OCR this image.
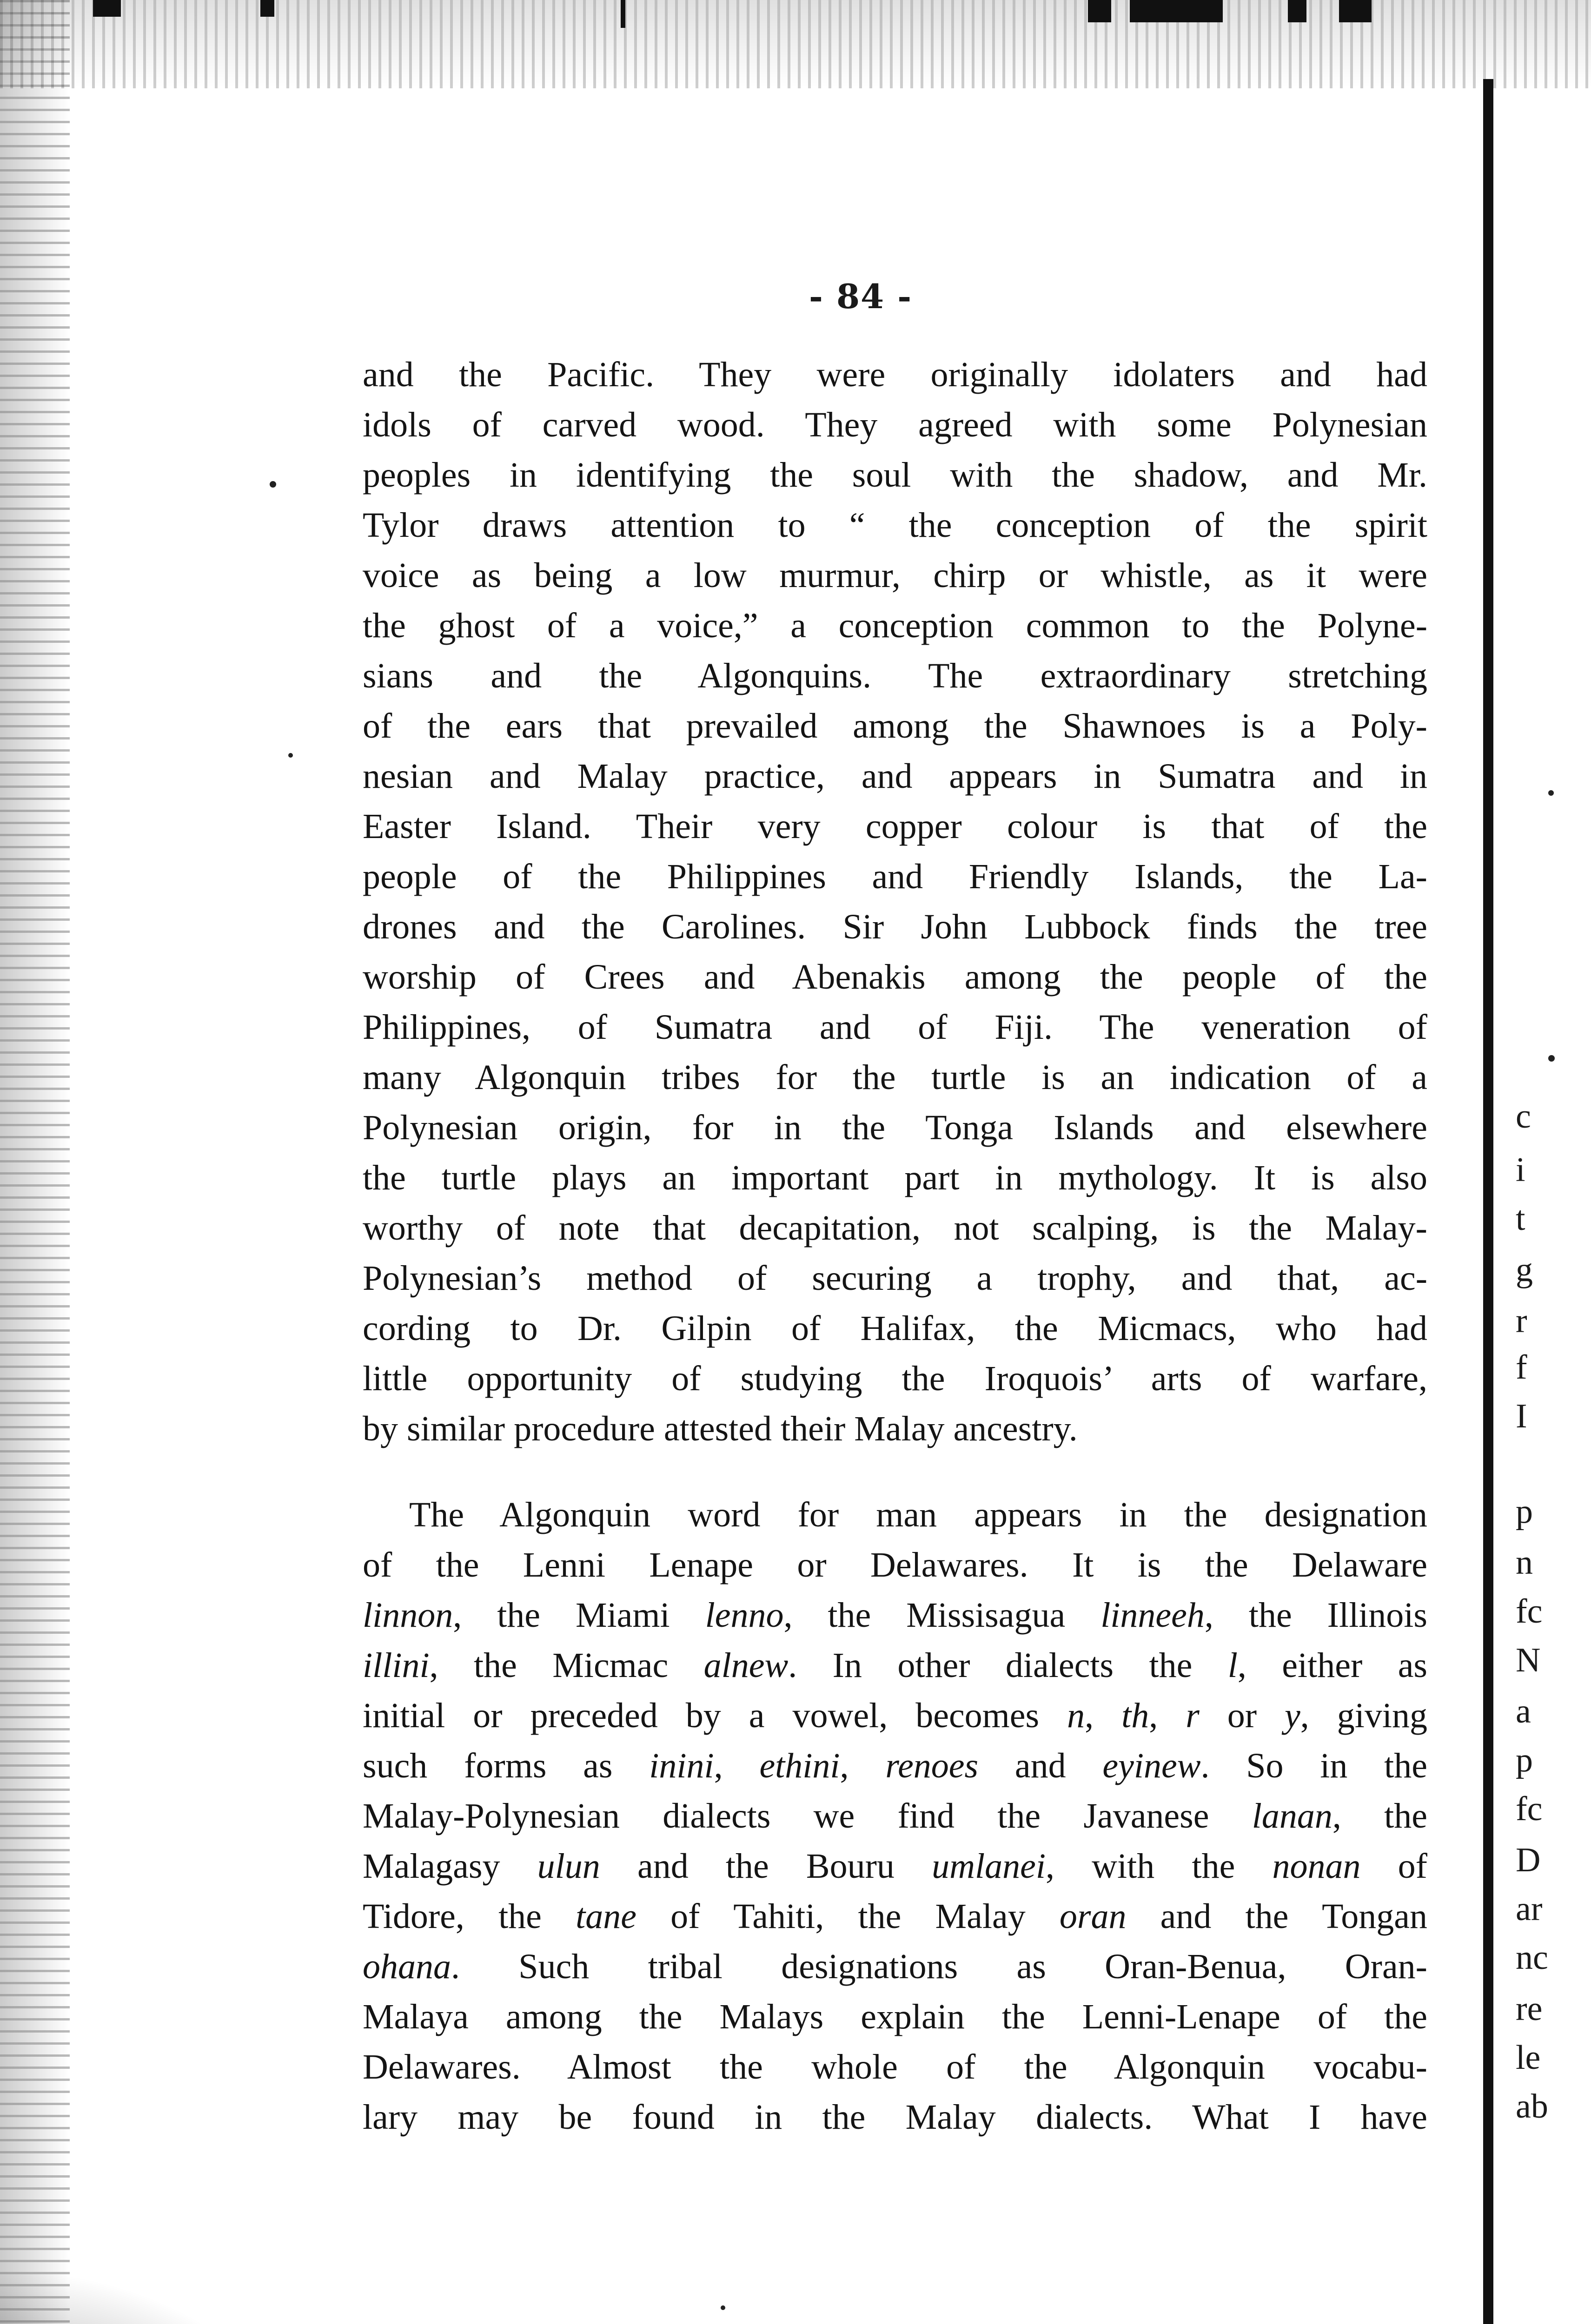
- 84 -
and the Pacific. They were originally idolaters and had
idols of carved wood. They agreed with some Polynesian
peoples in identifying the soul with the shadow, and Mr.
Tylor draws attention to “ the conception of the spirit
voice as being a low murmur, chirp or whistle, as it were
the ghost of a voice,” a conception common to the Polyne-
sians and the Algonquins. The extraordinary stretching
of the ears that prevailed among the Shawnoes is a Poly-
nesian and Malay practice, and appears in Sumatra and in
Easter Island. Their very copper colour is that of the
people of the Philippines and Friendly Islands, the La-
drones and the Carolines. Sir John Lubbock finds the tree
worship of Crees and Abenakis among the people of the
Philippines, of Sumatra and of Fiji. The veneration of
many Algonquin tribes for the turtle is an indication of a
Polynesian origin, for in the Tonga Islands and elsewhere
the turtle plays an important part in mythology. It is also
worthy of note that decapitation, not scalping, is the Malay-
Polynesian’s method of securing a trophy, and that, ac-
cording to Dr. Gilpin of Halifax, the Micmacs, who had
little opportunity of studying the Iroquois’ arts of warfare,
by similar procedure attested their Malay ancestry.
The Algonquin word for man appears in the designation
of the Lenni Lenape or Delawares. It is the Delaware
linnon, the Miami lenno, the Missisagua linneeh, the Illinois
illini, the Micmac alnew. In other dialects the l, either as
initial or preceded by a vowel, becomes n, th, r or y, giving
such forms as inini, ethini, renoes and eyinew. So in the
Malay-Polynesian dialects we find the Javanese lanan, the
Malagasy ulun and the Bouru umlanei, with the nonan of
Tidore, the tane of Tahiti, the Malay oran and the Tongan
ohana. Such tribal designations as Oran-Benua, Oran-
Malaya among the Malays explain the Lenni-Lenape of the
Delawares. Almost the whole of the Algonquin vocabu-
lary may be found in the Malay dialects. What I have
c
i
t
g
r
f
I
p
n
fc
N
a
p
fc
D
ar
nc
re
le
ab
